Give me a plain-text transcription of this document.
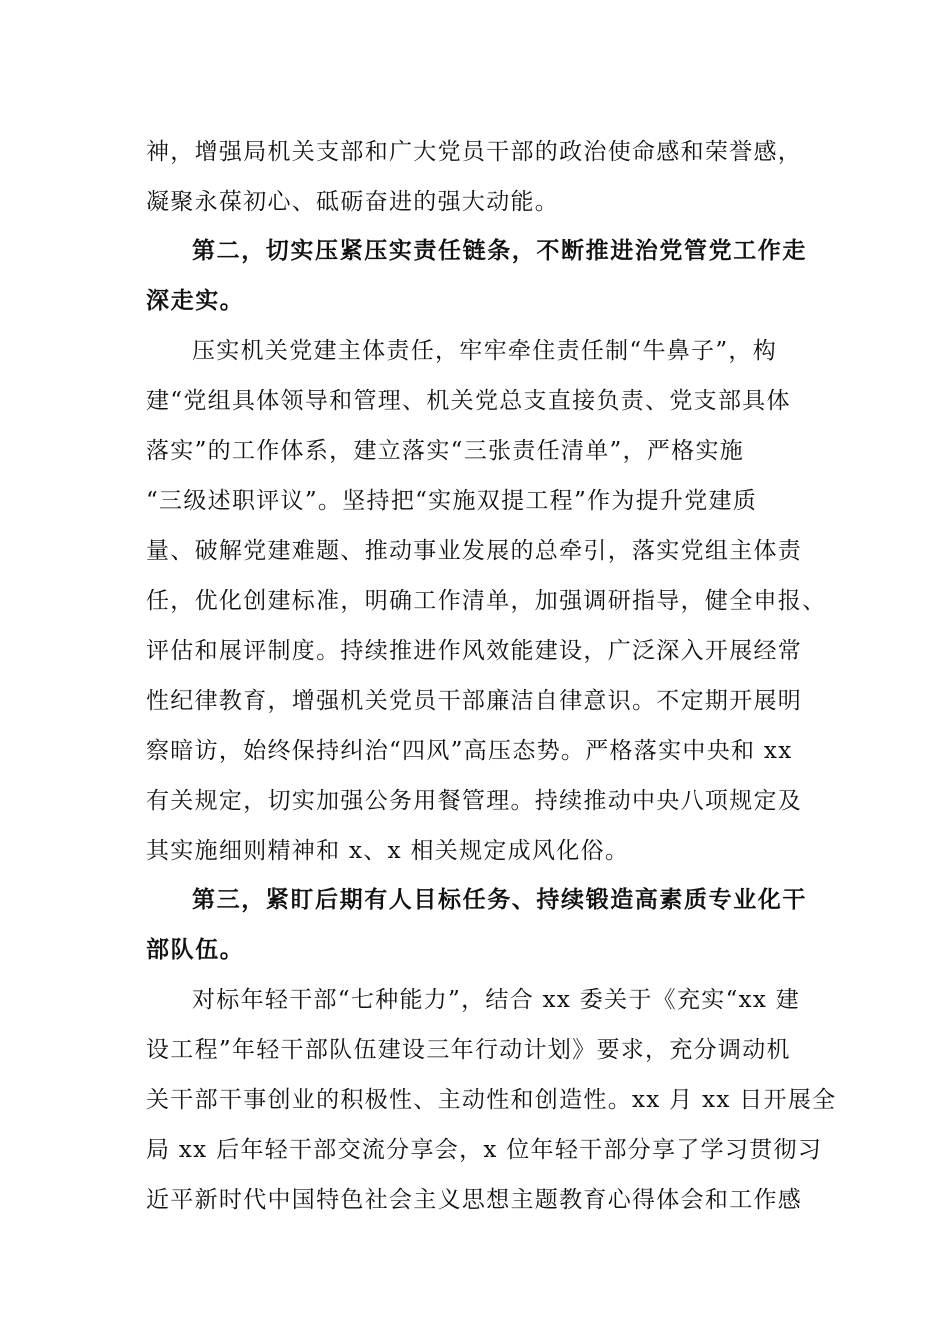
神，增强局机关支部和广大党员干部的政治使命感和荣誉感，
凝聚永葆初心、砥砺奋进的强大动能。
第二，切实压紧压实责任链条，不断推进治党管党工作走
深走实。
压实机关党建主体责任，牢牢牵住责任制“牛鼻子”，构
建“党组具体领导和管理、机关党总支直接负责、党支部具体
落实”的工作体系，建立落实“三张责任清单”，严格实施
“三级述职评议”。坚持把“实施双提工程”作为提升党建质
量、破解党建难题、推动事业发展的总牵引，落实党组主体责
任，优化创建标准，明确工作清单，加强调研指导，健全申报、
评估和展评制度。持续推进作风效能建设，广泛深入开展经常
性纪律教育，增强机关党员干部廉洁自律意识。不定期开展明
察暗访，始终保持纠治“四风”高压态势。严格落实中央和 xx
有关规定，切实加强公务用餐管理。持续推动中央八项规定及
其实施细则精神和 x、x 相关规定成风化俗。
第三，紧盯后期有人目标任务、持续锻造高素质专业化干
部队伍。
对标年轻干部“七种能力”，结合 xx 委关于《充实“xx 建
设工程”年轻干部队伍建设三年行动计划》要求，充分调动机
关干部干事创业的积极性、主动性和创造性。xx 月 xx 日开展全
局 xx 后年轻干部交流分享会，x 位年轻干部分享了学习贯彻习
近平新时代中国特色社会主义思想主题教育心得体会和工作感
